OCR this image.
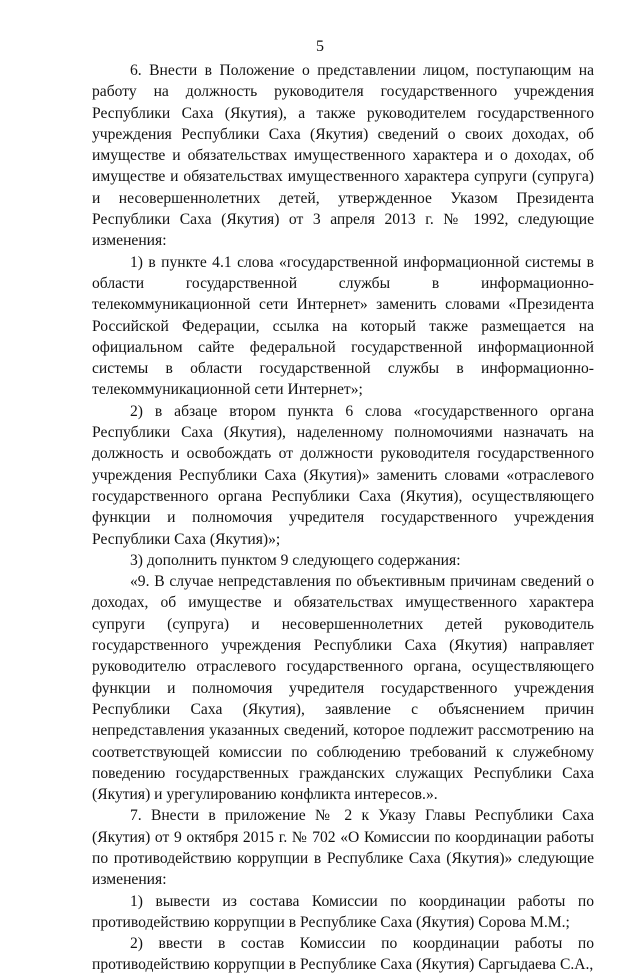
5

6. Внести в Положение о представлении лицом, поступающим на работу на должность руководителя государственного учреждения Республики Саха (Якутия), а также руководителем государственного учреждения Республики Саха (Якутия) сведений о своих доходах, об имуществе и обязательствах имущественного характера и о доходах, об имуществе и обязательствах имущественного характера супруги (супруга) и несовершеннолетних детей, утвержденное Указом Президента Республики Саха (Якутия) от 3 апреля 2013 г. № 1992, следующие изменения:

1) в пункте 4.1 слова «государственной информационной системы в области государственной службы в информационно-телекоммуникационной сети Интернет» заменить словами «Президента Российской Федерации, ссылка на который также размещается на официальном сайте федеральной государственной информационной системы в области государственной службы в информационно-телекоммуникационной сети Интернет»;

2) в абзаце втором пункта 6 слова «государственного органа Республики Саха (Якутия), наделенному полномочиями назначать на должность и освобождать от должности руководителя государственного учреждения Республики Саха (Якутия)» заменить словами «отраслевого государственного органа Республики Саха (Якутия), осуществляющего функции и полномочия учредителя государственного учреждения Республики Саха (Якутия)»;

3) дополнить пунктом 9 следующего содержания:

«9. В случае непредставления по объективным причинам сведений о доходах, об имуществе и обязательствах имущественного характера супруги (супруга) и несовершеннолетних детей руководитель государственного учреждения Республики Саха (Якутия) направляет руководителю отраслевого государственного органа, осуществляющего функции и полномочия учредителя государственного учреждения Республики Саха (Якутия), заявление с объяснением причин непредставления указанных сведений, которое подлежит рассмотрению на соответствующей комиссии по соблюдению требований к служебному поведению государственных гражданских служащих Республики Саха (Якутия) и урегулированию конфликта интересов.».

7. Внести в приложение № 2 к Указу Главы Республики Саха (Якутия) от 9 октября 2015 г. № 702 «О Комиссии по координации работы по противодействию коррупции в Республике Саха (Якутия)» следующие изменения:

1) вывести из состава Комиссии по координации работы по противодействию коррупции в Республике Саха (Якутия) Сорова М.М.;

2) ввести в состав Комиссии по координации работы по противодействию коррупции в Республике Саха (Якутия) Саргыдаева С.А.,
